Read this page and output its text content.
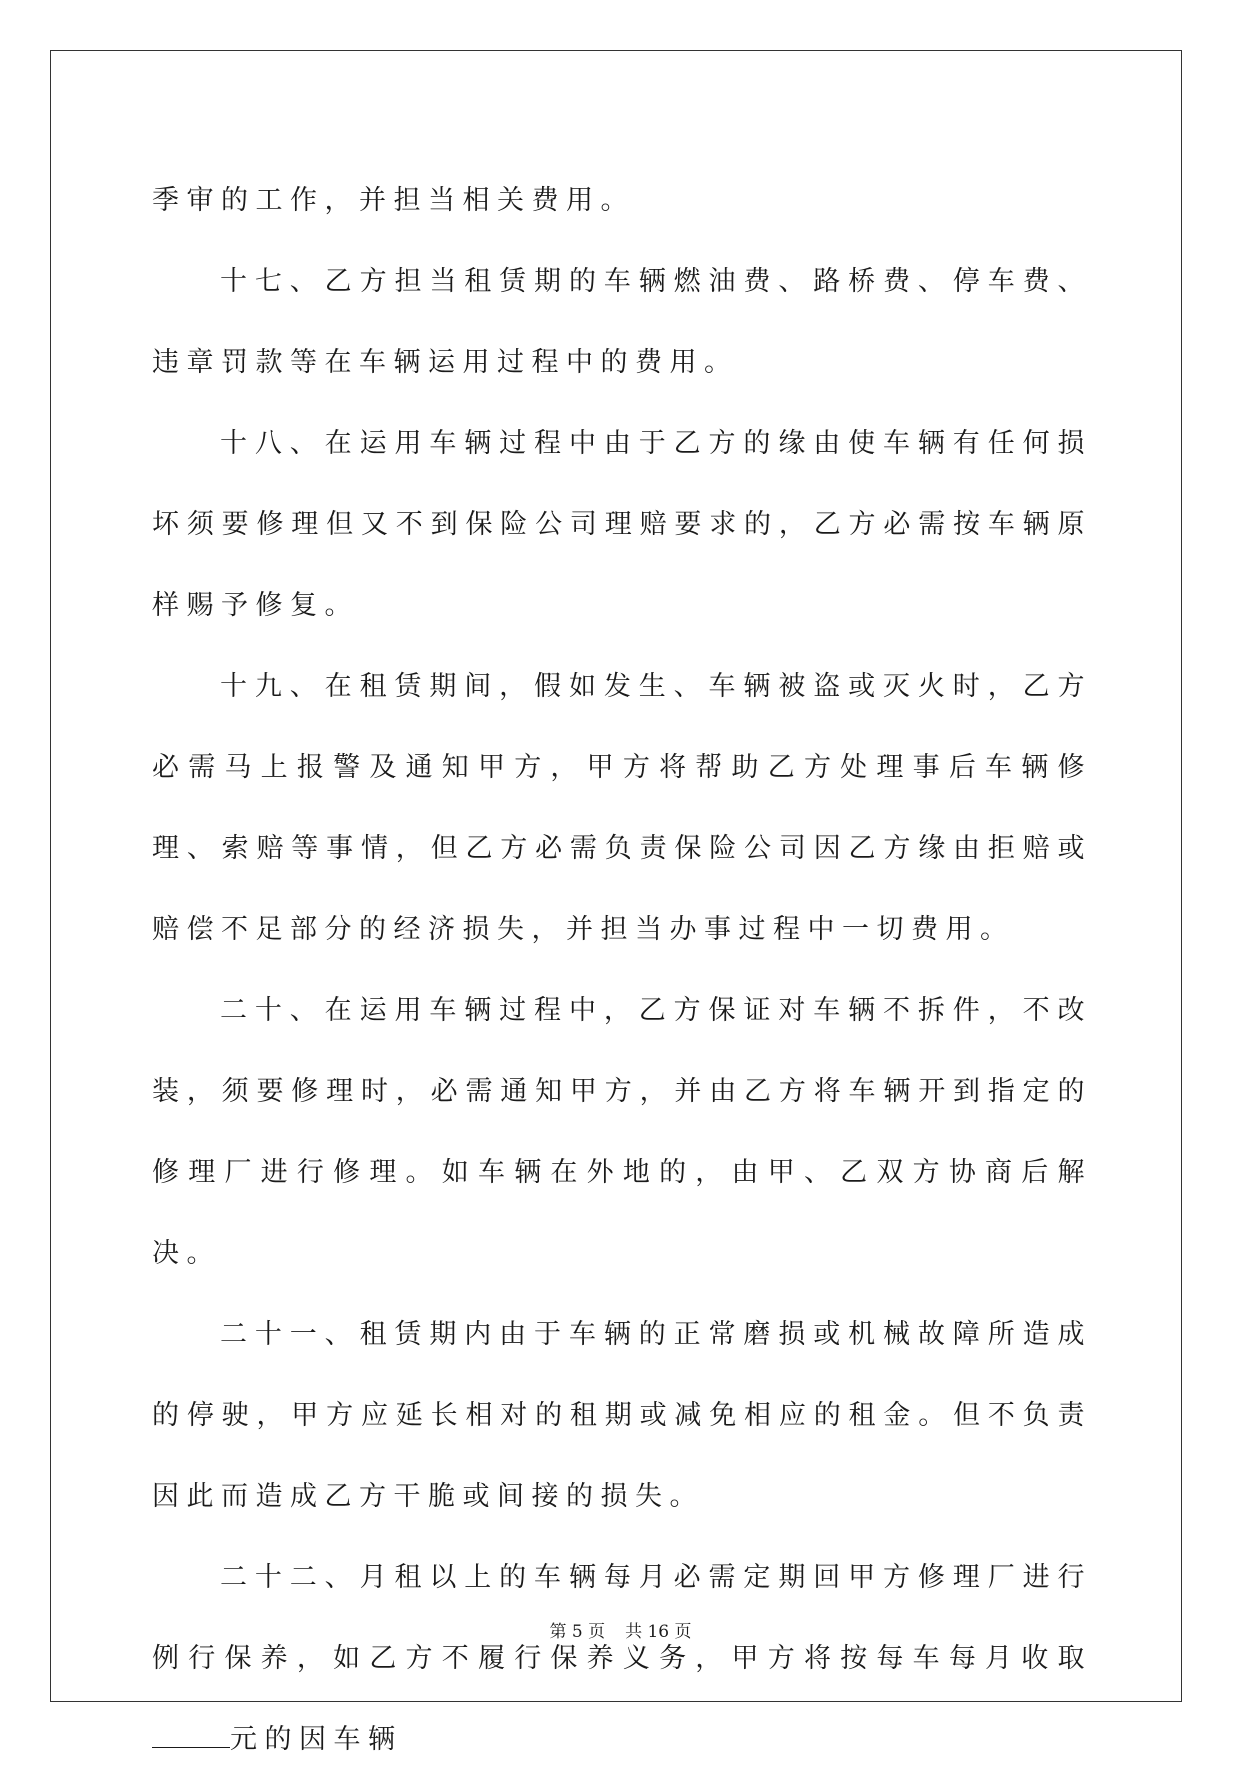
季审的工作，并担当相关费用。

十七、乙方担当租赁期的车辆燃油费、路桥费、停车费、违章罚款等在车辆运用过程中的费用。

十八、在运用车辆过程中由于乙方的缘由使车辆有任何损坏须要修理但又不到保险公司理赔要求的，乙方必需按车辆原样赐予修复。

十九、在租赁期间，假如发生、车辆被盗或灭火时，乙方必需马上报警及通知甲方，甲方将帮助乙方处理事后车辆修理、索赔等事情，但乙方必需负责保险公司因乙方缘由拒赔或赔偿不足部分的经济损失，并担当办事过程中一切费用。

二十、在运用车辆过程中，乙方保证对车辆不拆件，不改装，须要修理时，必需通知甲方，并由乙方将车辆开到指定的修理厂进行修理。如车辆在外地的，由甲、乙双方协商后解决。

二十一、租赁期内由于车辆的正常磨损或机械故障所造成的停驶，甲方应延长相对的租期或减免相应的租金。但不负责因此而造成乙方干脆或间接的损失。

二十二、月租以上的车辆每月必需定期回甲方修理厂进行例行保养，如乙方不履行保养义务，甲方将按每车每月收取元的因车辆

第 5 页 共 16 页
